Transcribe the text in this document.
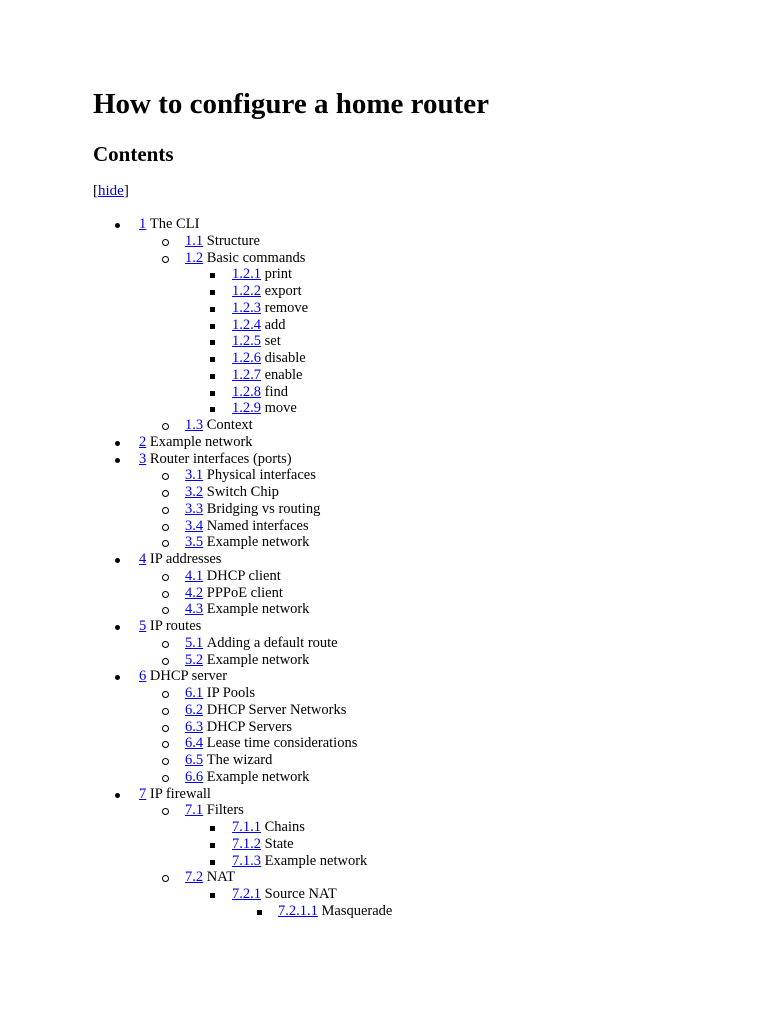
How to configure a home router
Contents
[hide]
1 The CLI
1.1 Structure
1.2 Basic commands
1.2.1 print
1.2.2 export
1.2.3 remove
1.2.4 add
1.2.5 set
1.2.6 disable
1.2.7 enable
1.2.8 find
1.2.9 move
1.3 Context
2 Example network
3 Router interfaces (ports)
3.1 Physical interfaces
3.2 Switch Chip
3.3 Bridging vs routing
3.4 Named interfaces
3.5 Example network
4 IP addresses
4.1 DHCP client
4.2 PPPoE client
4.3 Example network
5 IP routes
5.1 Adding a default route
5.2 Example network
6 DHCP server
6.1 IP Pools
6.2 DHCP Server Networks
6.3 DHCP Servers
6.4 Lease time considerations
6.5 The wizard
6.6 Example network
7 IP firewall
7.1 Filters
7.1.1 Chains
7.1.2 State
7.1.3 Example network
7.2 NAT
7.2.1 Source NAT
7.2.1.1 Masquerade
